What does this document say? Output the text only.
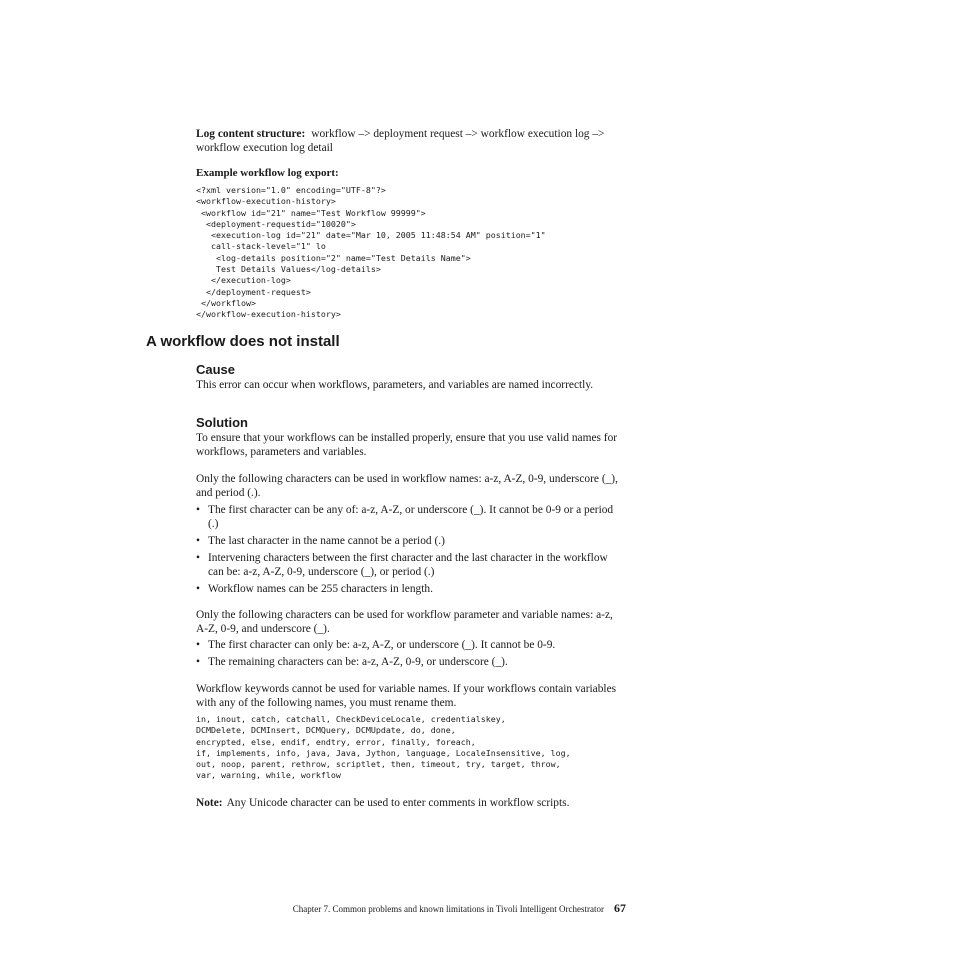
Log content structure: workflow –> deployment request –> workflow execution log –> workflow execution log detail
Example workflow log export:
<?xml version="1.0" encoding="UTF-8"?>
<workflow-execution-history>
<workflow id="21" name="Test Workflow 99999">
<deployment-requestid="10020">
<execution-log id="21" date="Mar 10, 2005 11:48:54 AM" position="1"
call-stack-level="1" lo
<log-details position="2" name="Test Details Name">
Test Details Values</log-details>
</execution-log>
</deployment-request>
</workflow>
</workflow-execution-history>
A workflow does not install
Cause
This error can occur when workflows, parameters, and variables are named incorrectly.
Solution
To ensure that your workflows can be installed properly, ensure that you use valid names for workflows, parameters and variables.
Only the following characters can be used in workflow names: a-z, A-Z, 0-9, underscore (_), and period (.).
• The first character can be any of: a-z, A-Z, or underscore (_). It cannot be 0-9 or a period (.)
• The last character in the name cannot be a period (.)
• Intervening characters between the first character and the last character in the workflow can be: a-z, A-Z, 0-9, underscore (_), or period (.)
• Workflow names can be 255 characters in length.
Only the following characters can be used for workflow parameter and variable names: a-z, A-Z, 0-9, and underscore (_).
• The first character can only be: a-z, A-Z, or underscore (_). It cannot be 0-9.
• The remaining characters can be: a-z, A-Z, 0-9, or underscore (_).
Workflow keywords cannot be used for variable names. If your workflows contain variables with any of the following names, you must rename them.
in, inout, catch, catchall, CheckDeviceLocale, credentialskey,
DCMDelete, DCMInsert, DCMQuery, DCMUpdate, do, done,
encrypted, else, endif, endtry, error, finally, foreach,
if, implements, info, java, Java, Jython, language, LocaleInsensitive, log,
out, noop, parent, rethrow, scriptlet, then, timeout, try, target, throw,
var, warning, while, workflow
Note: Any Unicode character can be used to enter comments in workflow scripts.
Chapter 7. Common problems and known limitations in Tivoli Intelligent Orchestrator 67
